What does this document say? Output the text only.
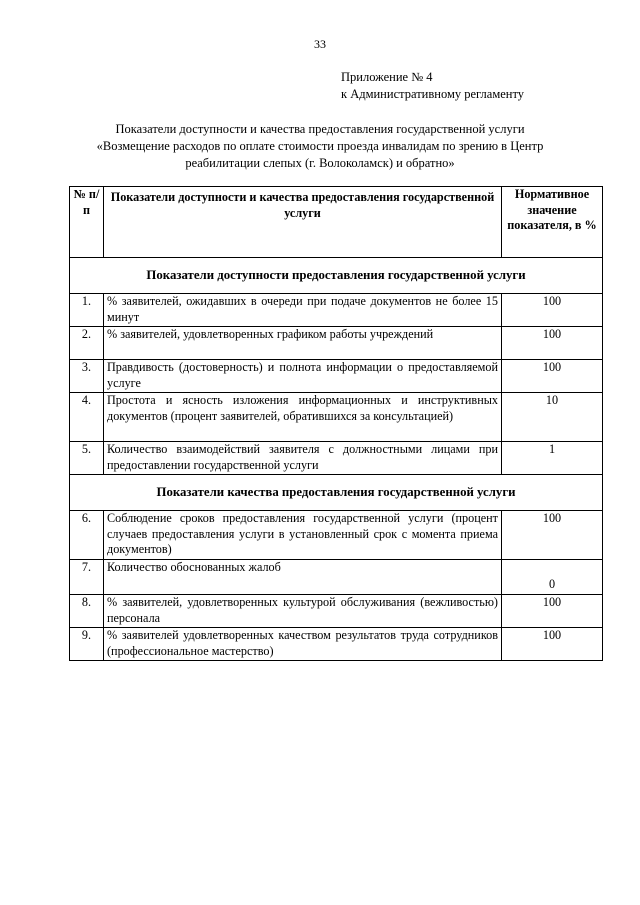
33
Приложение № 4
к Административному регламенту
Показатели доступности и качества предоставления государственной услуги «Возмещение расходов по оплате стоимости проезда инвалидам по зрению в Центр реабилитации слепых (г. Волоколамск) и обратно»
№ п/п	Показатели доступности и качества предоставления государственной услуги	Нормативное значение показателя, в %
Показатели доступности предоставления государственной услуги		
1.	% заявителей, ожидавших в очереди при подаче документов не более 15 минут	100
2.	% заявителей, удовлетворенных графиком работы учреждений	100
3.	Правдивость (достоверность) и полнота информации о предоставляемой услуге	100
4.	Простота и ясность изложения информационных и инструктивных документов (процент заявителей, обратившихся за консультацией)	10
5.	Количество взаимодействий заявителя с должностными лицами при предоставлении государственной услуги	1
Показатели качества предоставления государственной услуги		
6.	Соблюдение сроков предоставления государственной услуги (процент случаев предоставления услуги в установленный срок с момента приема документов)	100
7.	Количество обоснованных жалоб	0
8.	% заявителей, удовлетворенных культурой обслуживания (вежливостью) персонала	100
9.	% заявителей удовлетворенных качеством результатов труда сотрудников (профессиональное мастерство)	100
